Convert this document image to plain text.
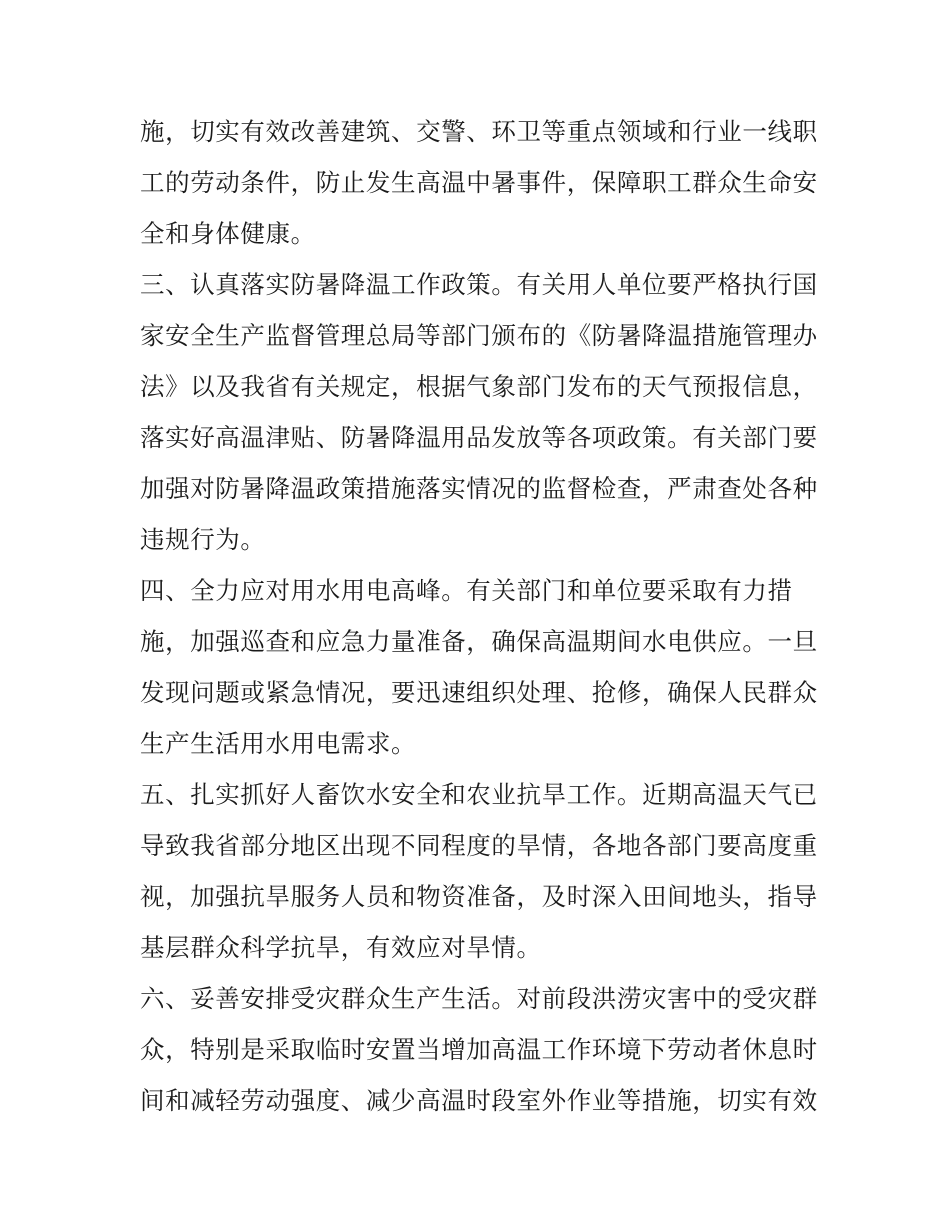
施，切实有效改善建筑、交警、环卫等重点领域和行业一线职
工的劳动条件，防止发生高温中暑事件，保障职工群众生命安
全和身体健康。
三、认真落实防暑降温工作政策。有关用人单位要严格执行国
家安全生产监督管理总局等部门颁布的《防暑降温措施管理办
法》以及我省有关规定，根据气象部门发布的天气预报信息，
落实好高温津贴、防暑降温用品发放等各项政策。有关部门要
加强对防暑降温政策措施落实情况的监督检查，严肃查处各种
违规行为。
四、全力应对用水用电高峰。有关部门和单位要采取有力措
施，加强巡查和应急力量准备，确保高温期间水电供应。一旦
发现问题或紧急情况，要迅速组织处理、抢修，确保人民群众
生产生活用水用电需求。
五、扎实抓好人畜饮水安全和农业抗旱工作。近期高温天气已
导致我省部分地区出现不同程度的旱情，各地各部门要高度重
视，加强抗旱服务人员和物资准备，及时深入田间地头，指导
基层群众科学抗旱，有效应对旱情。
六、妥善安排受灾群众生产生活。对前段洪涝灾害中的受灾群
众，特别是采取临时安置当增加高温工作环境下劳动者休息时
间和减轻劳动强度、减少高温时段室外作业等措施，切实有效
